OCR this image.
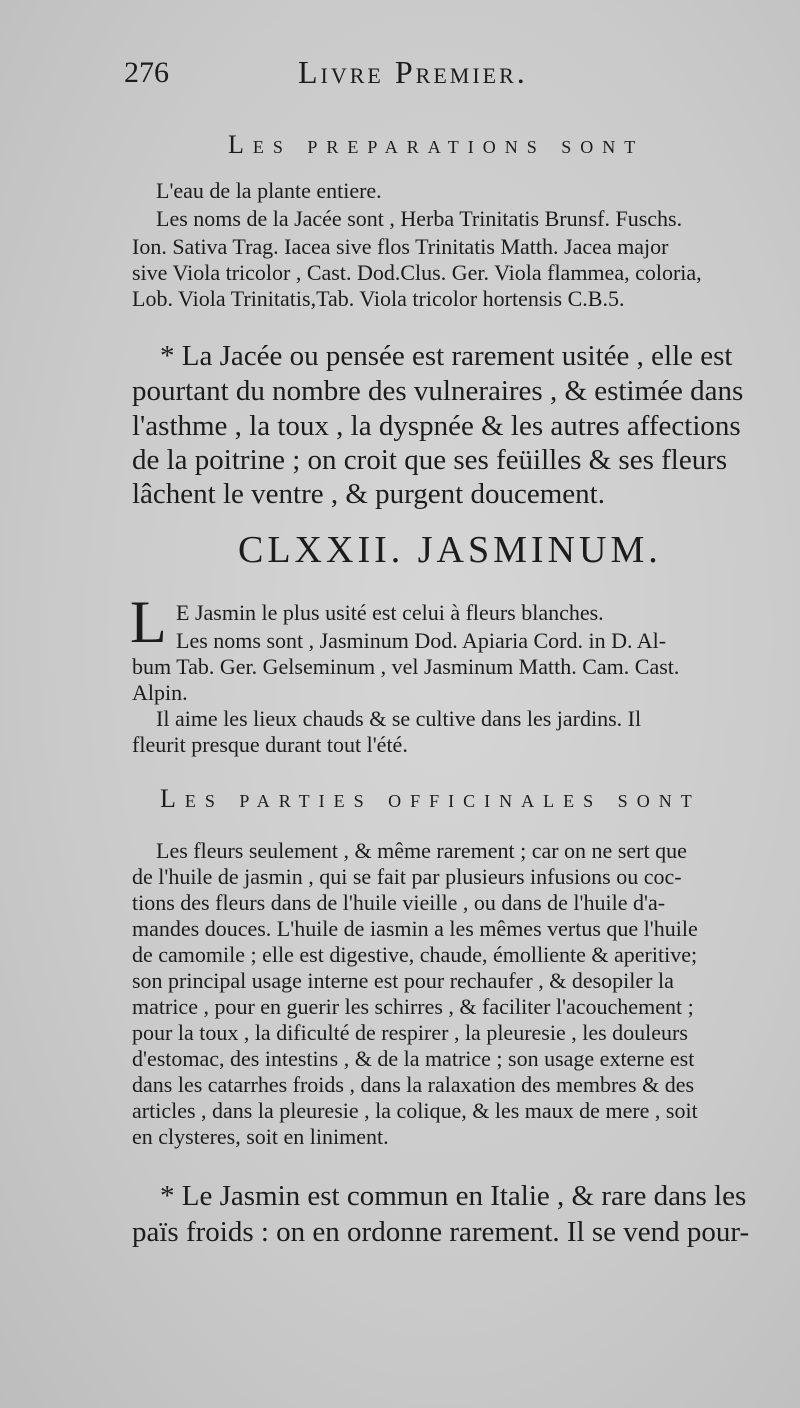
276	Livre Premier.
Les preparations sont
L'eau de la plante entiere.
Les noms de la Jacée sont , Herba Trinitatis Brunsf. Fuschs.
Ion. Sativa Trag. Iacea sive flos Trinitatis Matth. Jacea major
sive Viola tricolor , Cast. Dod.Clus. Ger. Viola flammea, coloria,
Lob. Viola Trinitatis,Tab. Viola tricolor hortensis C.B.5.
* La Jacée ou pensée est rarement usitée , elle est
pourtant du nombre des vulneraires , & estimée dans
l'asthme , la toux , la dyspnée & les autres affections
de la poitrine ; on croit que ses feüilles & ses fleurs
lâchent le ventre , & purgent doucement.
CLXXII. JASMINUM.
L E Jasmin le plus usité est celui à fleurs blanches.
Les noms sont , Jasminum Dod. Apiaria Cord. in D. Al-
bum Tab. Ger. Gelseminum , vel Jasminum Matth. Cam. Cast.
Alpin.
Il aime les lieux chauds & se cultive dans les jardins. Il
fleurit presque durant tout l'été.
Les parties officinales sont
Les fleurs seulement , & même rarement ; car on ne sert que
de l'huile de jasmin , qui se fait par plusieurs infusions ou coc-
tions des fleurs dans de l'huile vieille , ou dans de l'huile d'a-
mandes douces. L'huile de iasmin a les mêmes vertus que l'huile
de camomile ; elle est digestive, chaude, émolliente & aperitive;
son principal usage interne est pour rechaufer , & desopiler la
matrice , pour en guerir les schirres , & faciliter l'acouchement ;
pour la toux , la dificulté de respirer , la pleuresie , les douleurs
d'estomac, des intestins , & de la matrice ; son usage externe est
dans les catarrhes froids , dans la ralaxation des membres & des
articles , dans la pleuresie , la colique, & les maux de mere , soit
en clysteres, soit en liniment.
* Le Jasmin est commun en Italie , & rare dans les
païs froids : on en ordonne rarement. Il se vend pour-
